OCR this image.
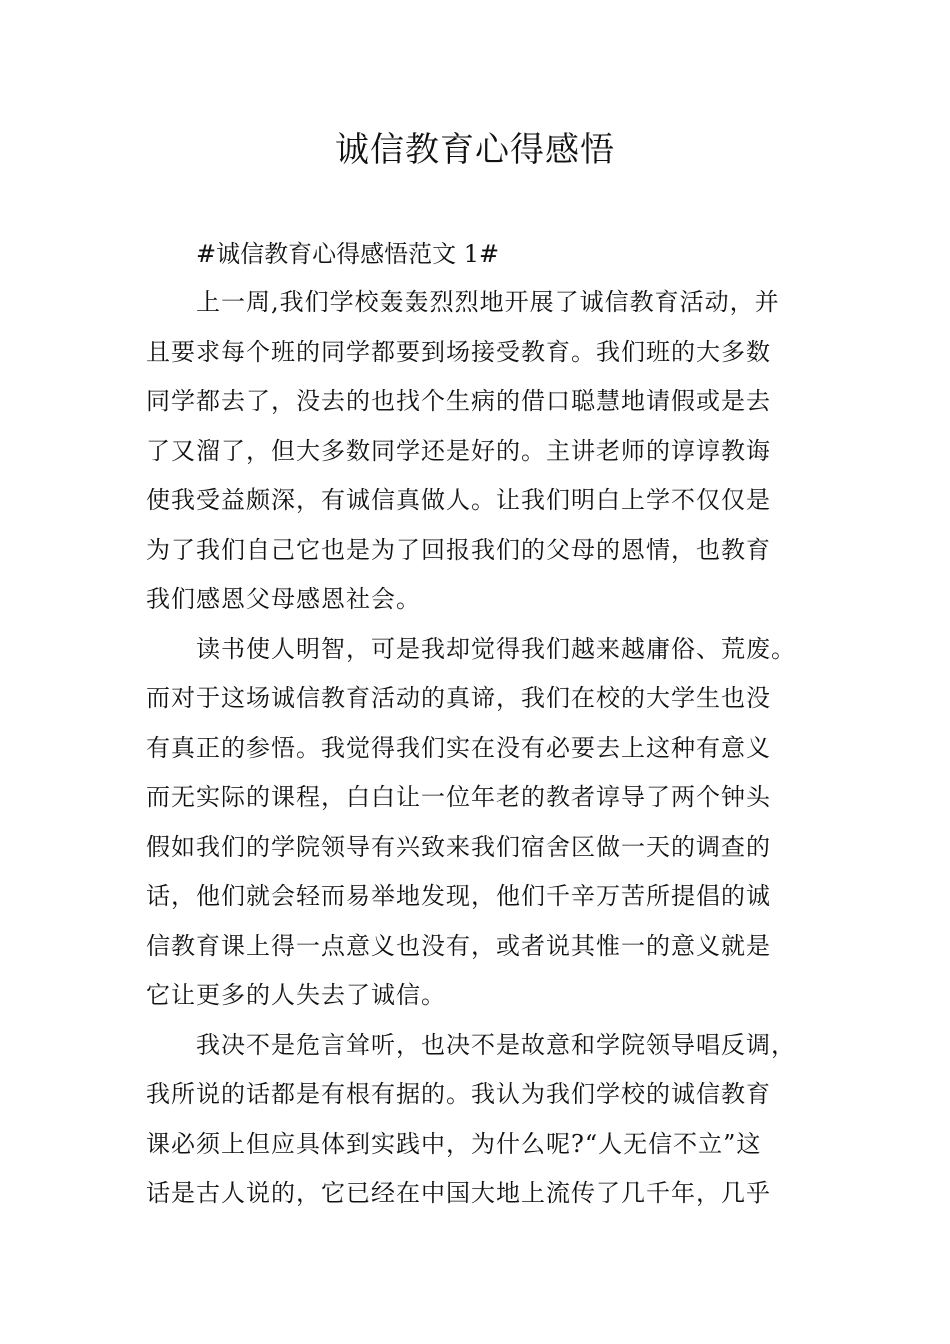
诚信教育心得感悟

#诚信教育心得感悟范文 1#

上一周,我们学校轰轰烈烈地开展了诚信教育活动，并
且要求每个班的同学都要到场接受教育。我们班的大多数
同学都去了，没去的也找个生病的借口聪慧地请假或是去
了又溜了，但大多数同学还是好的。主讲老师的谆谆教诲
使我受益颇深，有诚信真做人。让我们明白上学不仅仅是
为了我们自己它也是为了回报我们的父母的恩情，也教育
我们感恩父母感恩社会。
读书使人明智，可是我却觉得我们越来越庸俗、荒废。
而对于这场诚信教育活动的真谛，我们在校的大学生也没
有真正的参悟。我觉得我们实在没有必要去上这种有意义
而无实际的课程，白白让一位年老的教者谆导了两个钟头
假如我们的学院领导有兴致来我们宿舍区做一天的调查的
话，他们就会轻而易举地发现，他们千辛万苦所提倡的诚
信教育课上得一点意义也没有，或者说其惟一的意义就是
它让更多的人失去了诚信。
我决不是危言耸听，也决不是故意和学院领导唱反调，
我所说的话都是有根有据的。我认为我们学校的诚信教育
课必须上但应具体到实践中，为什么呢?“人无信不立”这
话是古人说的，它已经在中国大地上流传了几千年，几乎
